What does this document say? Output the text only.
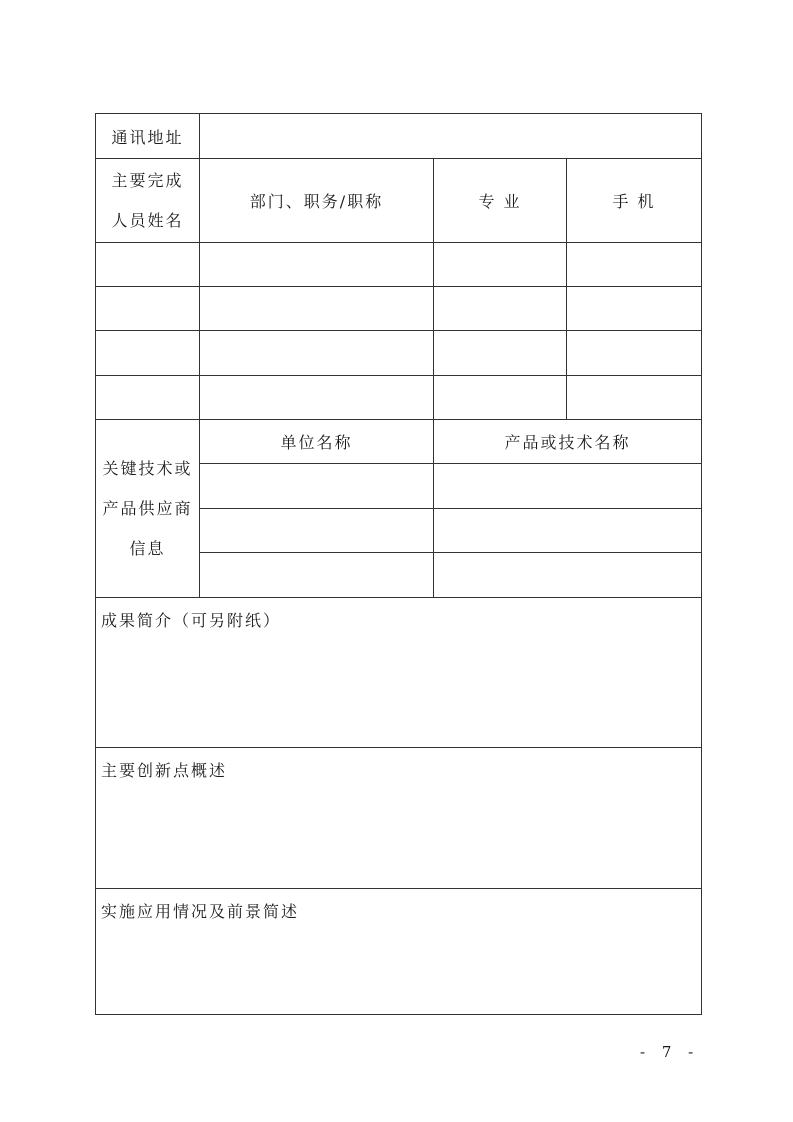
通讯地址			

主要完成
人员姓名	部门、职务/职称	专 业	手 机

关键技术或
产品供应商
信息	单位名称	产品或技术名称	

成果简介（可另附纸）			
主要创新点概述			
实施应用情况及前景简述			
- 7 -
